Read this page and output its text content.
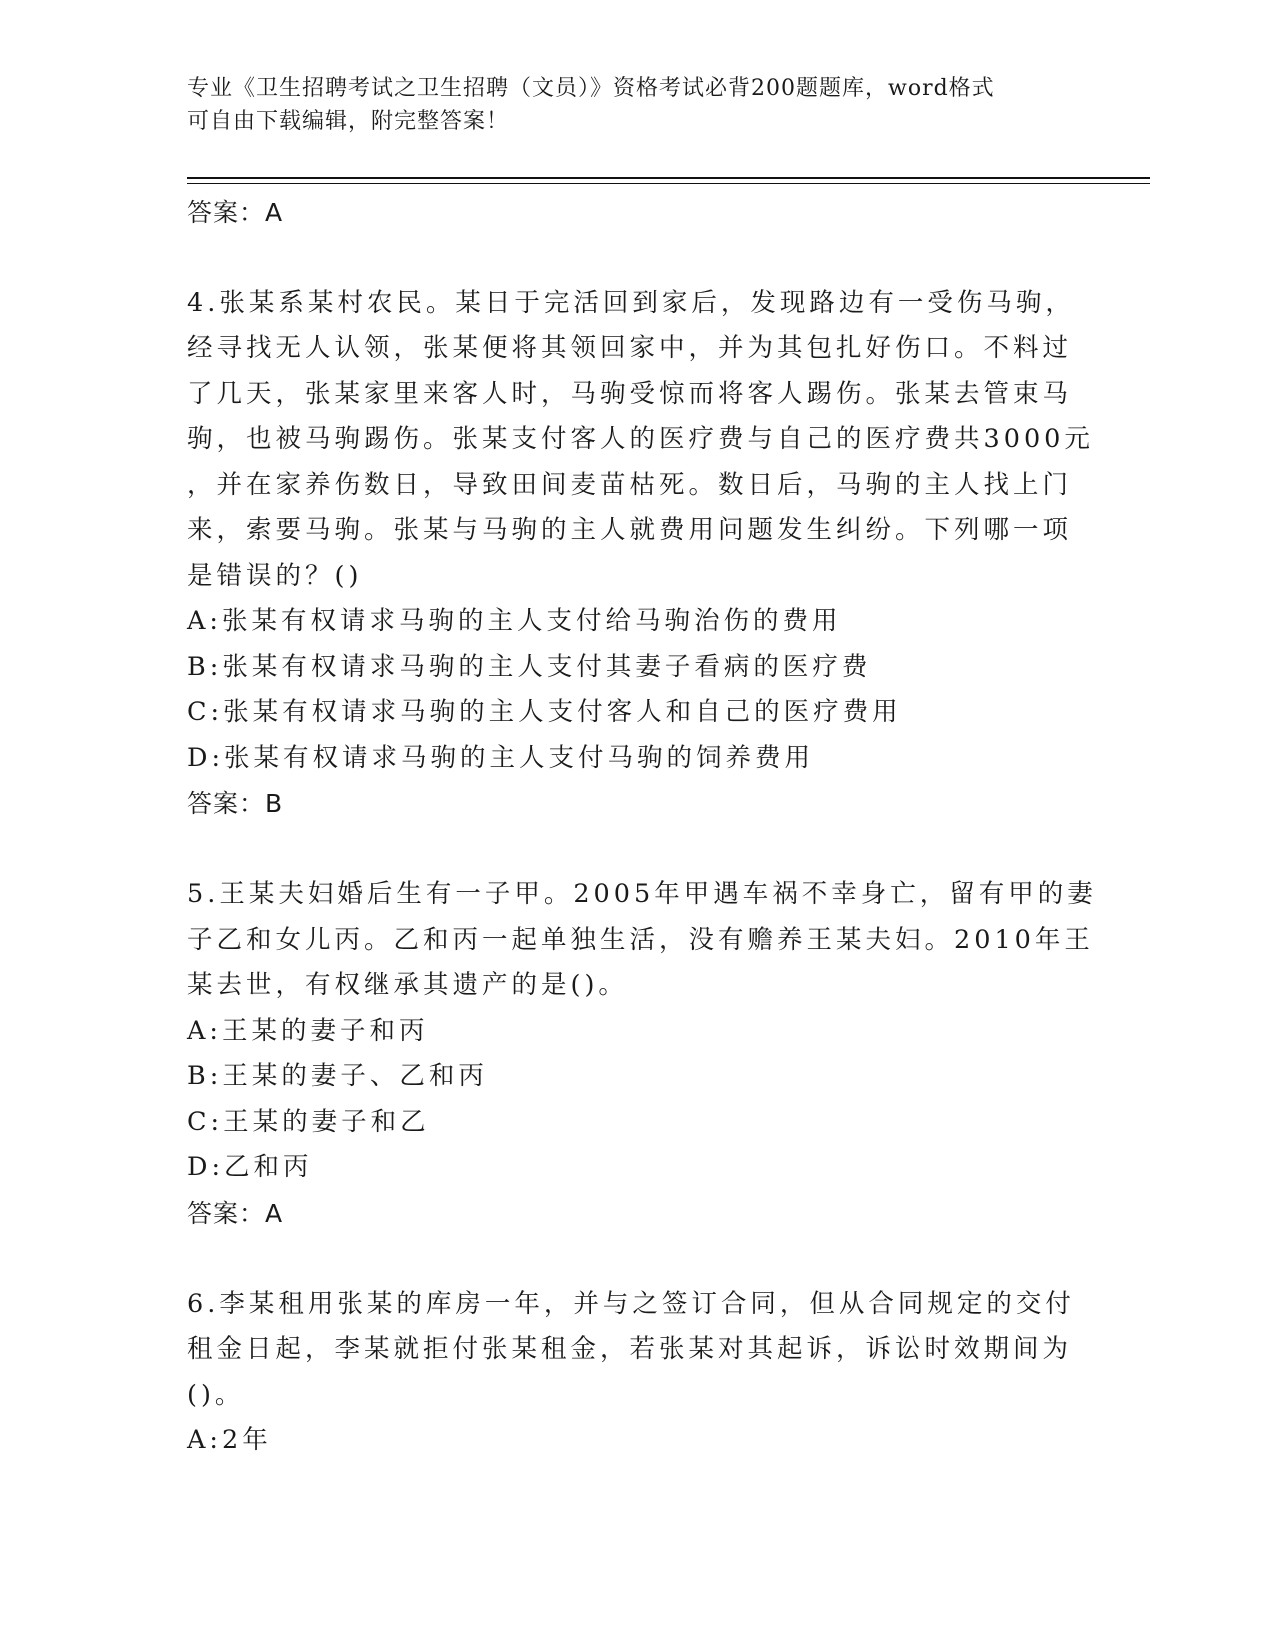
专业《卫生招聘考试之卫生招聘（文员）》资格考试必背200题题库，word格式
可自由下载编辑，附完整答案！
答案：A
4.张某系某村农民。某日于完活回到家后，发现路边有一受伤马驹，
经寻找无人认领，张某便将其领回家中，并为其包扎好伤口。不料过
了几天，张某家里来客人时，马驹受惊而将客人踢伤。张某去管束马
驹，也被马驹踢伤。张某支付客人的医疗费与自己的医疗费共3000元
，并在家养伤数日，导致田间麦苗枯死。数日后，马驹的主人找上门
来，索要马驹。张某与马驹的主人就费用问题发生纠纷。下列哪一项
是错误的？()
A:张某有权请求马驹的主人支付给马驹治伤的费用
B:张某有权请求马驹的主人支付其妻子看病的医疗费
C:张某有权请求马驹的主人支付客人和自己的医疗费用
D:张某有权请求马驹的主人支付马驹的饲养费用
答案：B
5.王某夫妇婚后生有一子甲。2005年甲遇车祸不幸身亡，留有甲的妻
子乙和女儿丙。乙和丙一起单独生活，没有赡养王某夫妇。2010年王
某去世，有权继承其遗产的是()。
A:王某的妻子和丙
B:王某的妻子、乙和丙
C:王某的妻子和乙
D:乙和丙
答案：A
6.李某租用张某的库房一年，并与之签订合同，但从合同规定的交付
租金日起，李某就拒付张某租金，若张某对其起诉，诉讼时效期间为
()。
A:2年
